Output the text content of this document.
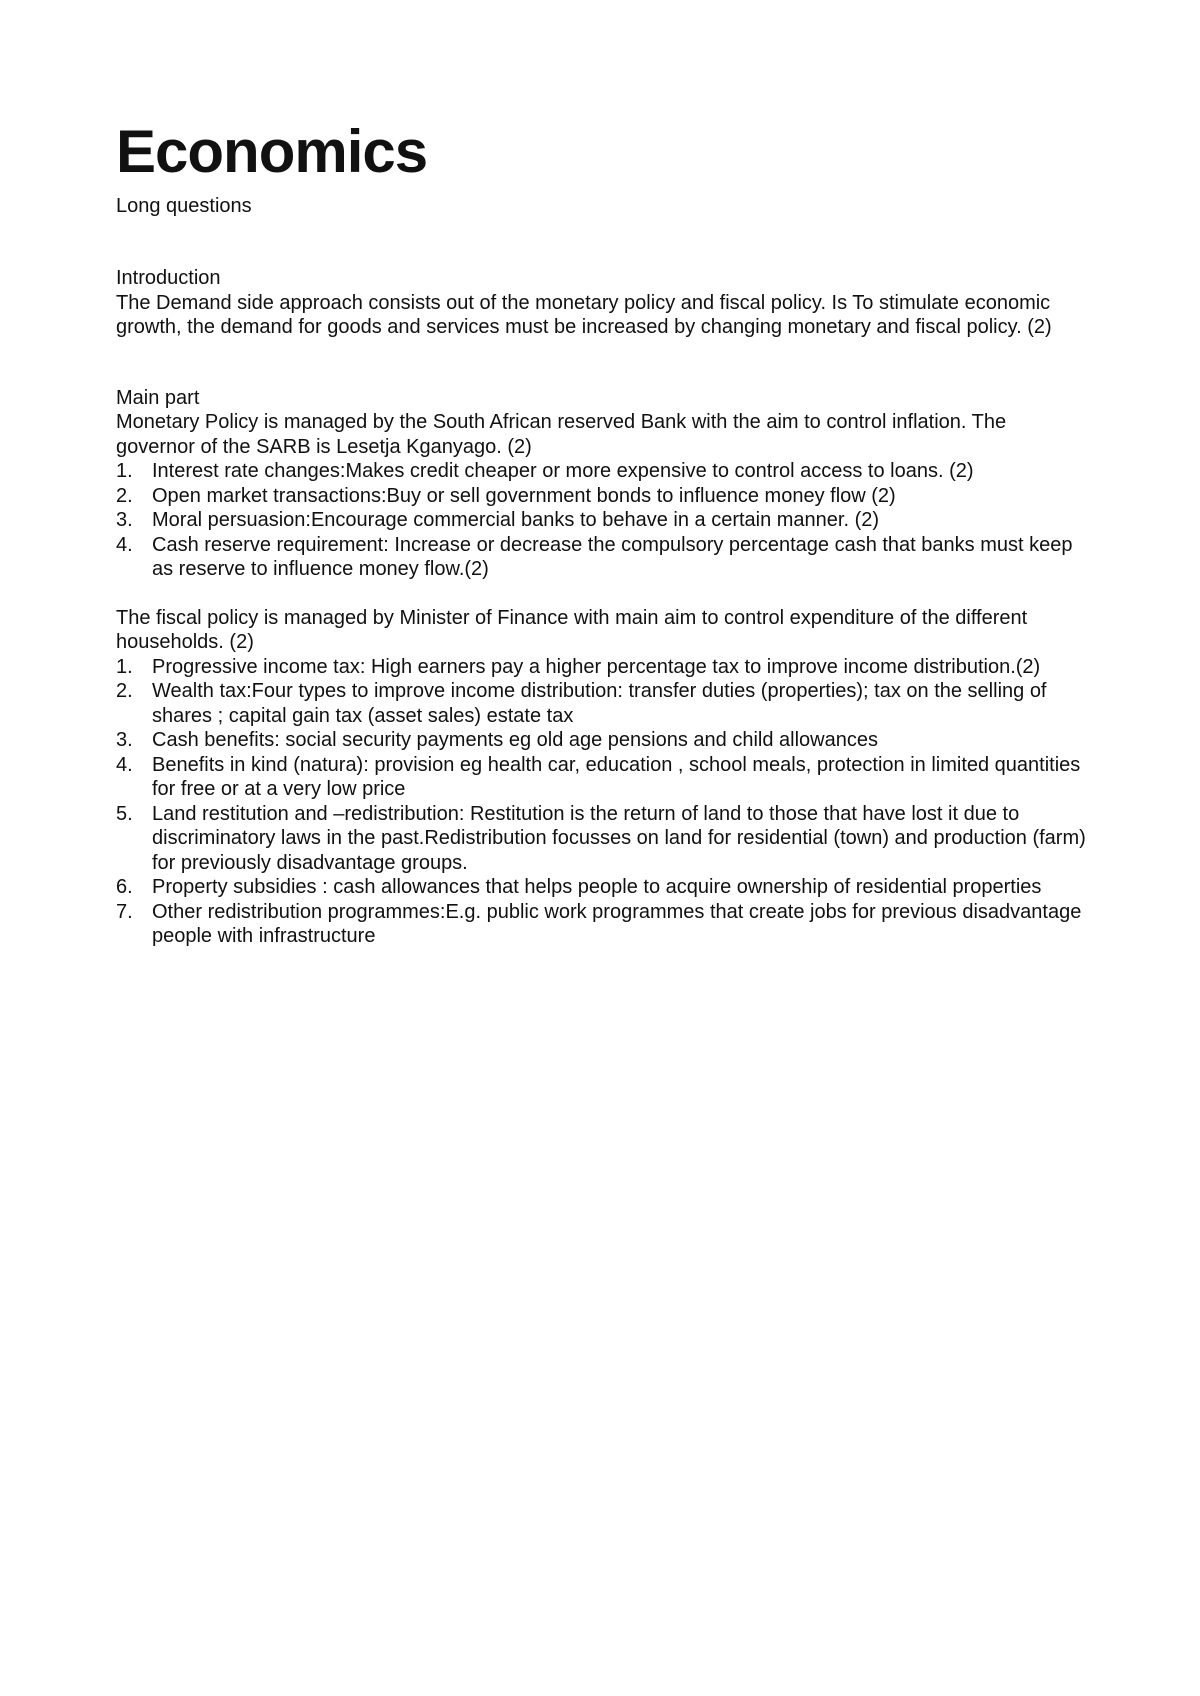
Economics

Long questions

Introduction

The Demand side approach consists out of the monetary policy and fiscal policy. Is To stimulate economic growth, the demand for goods and services must be increased by changing monetary and fiscal policy. (2)

Main part

Monetary Policy is managed by the South African reserved Bank with the aim to control inflation. The governor of the SARB is Lesetja Kganyago. (2)

1. Interest rate changes:Makes credit cheaper or more expensive to control access to loans. (2)
2. Open market transactions:Buy or sell government bonds to influence money flow (2)
3. Moral persuasion:Encourage commercial banks to behave in a certain manner. (2)
4. Cash reserve requirement: Increase or decrease the compulsory percentage cash that banks must keep as reserve to influence money flow.(2)

The fiscal policy is managed by Minister of Finance with main aim to control expenditure of the different households. (2)

1. Progressive income tax: High earners pay a higher percentage tax to improve income distribution.(2)
2. Wealth tax:Four types to improve income distribution: transfer duties (properties); tax on the selling of shares ; capital gain tax (asset sales) estate tax
3. Cash benefits: social security payments eg old age pensions and child allowances
4. Benefits in kind (natura): provision eg health car, education , school meals, protection in limited quantities for free or at a very low price
5. Land restitution and –redistribution: Restitution is the return of land to those that have lost it due to discriminatory laws in the past.Redistribution focusses on land for residential (town) and production (farm) for previously disadvantage groups.
6. Property subsidies : cash allowances that helps people to acquire ownership of residential properties
7. Other redistribution programmes:E.g. public work programmes that create jobs for previous disadvantage people with infrastructure
